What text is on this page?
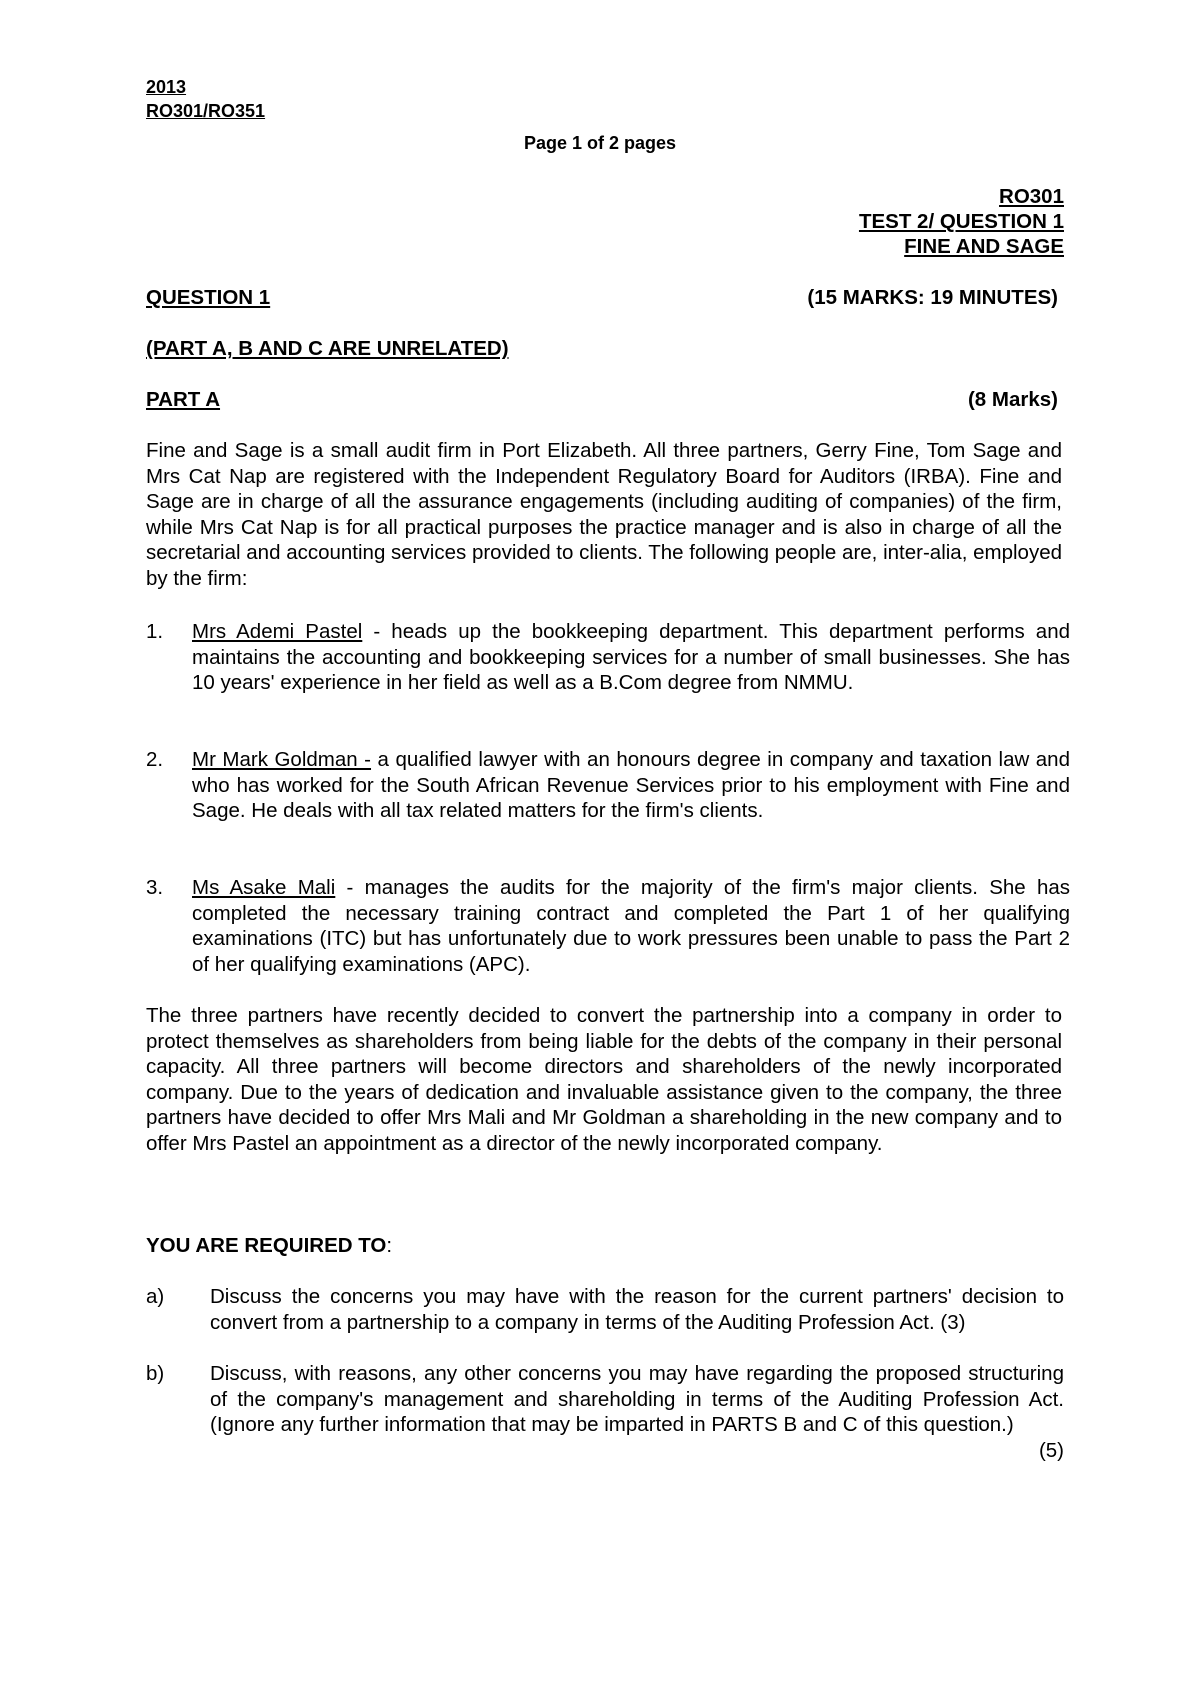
2013
RO301/RO351
Page 1 of 2 pages
RO301
TEST 2/ QUESTION 1
FINE AND SAGE
QUESTION 1	(15 MARKS: 19 MINUTES)
(PART A, B AND C ARE UNRELATED)
PART A	(8 Marks)
Fine and Sage is a small audit firm in Port Elizabeth. All three partners, Gerry Fine, Tom Sage and Mrs Cat Nap are registered with the Independent Regulatory Board for Auditors (IRBA). Fine and Sage are in charge of all the assurance engagements (including auditing of companies) of the firm, while Mrs Cat Nap is for all practical purposes the practice manager and is also in charge of all the secretarial and accounting services provided to clients. The following people are, inter-alia, employed by the firm:
1. Mrs Ademi Pastel - heads up the bookkeeping department. This department performs and maintains the accounting and bookkeeping services for a number of small businesses. She has 10 years' experience in her field as well as a B.Com degree from NMMU.
2. Mr Mark Goldman - a qualified lawyer with an honours degree in company and taxation law and who has worked for the South African Revenue Services prior to his employment with Fine and Sage. He deals with all tax related matters for the firm's clients.
3. Ms Asake Mali - manages the audits for the majority of the firm's major clients. She has completed the necessary training contract and completed the Part 1 of her qualifying examinations (ITC) but has unfortunately due to work pressures been unable to pass the Part 2 of her qualifying examinations (APC).
The three partners have recently decided to convert the partnership into a company in order to protect themselves as shareholders from being liable for the debts of the company in their personal capacity. All three partners will become directors and shareholders of the newly incorporated company. Due to the years of dedication and invaluable assistance given to the company, the three partners have decided to offer Mrs Mali and Mr Goldman a shareholding in the new company and to offer Mrs Pastel an appointment as a director of the newly incorporated company.
YOU ARE REQUIRED TO:
a) Discuss the concerns you may have with the reason for the current partners' decision to convert from a partnership to a company in terms of the Auditing Profession Act. (3)
b) Discuss, with reasons, any other concerns you may have regarding the proposed structuring of the company's management and shareholding in terms of the Auditing Profession Act. (Ignore any further information that may be imparted in PARTS B and C of this question.)
(5)
